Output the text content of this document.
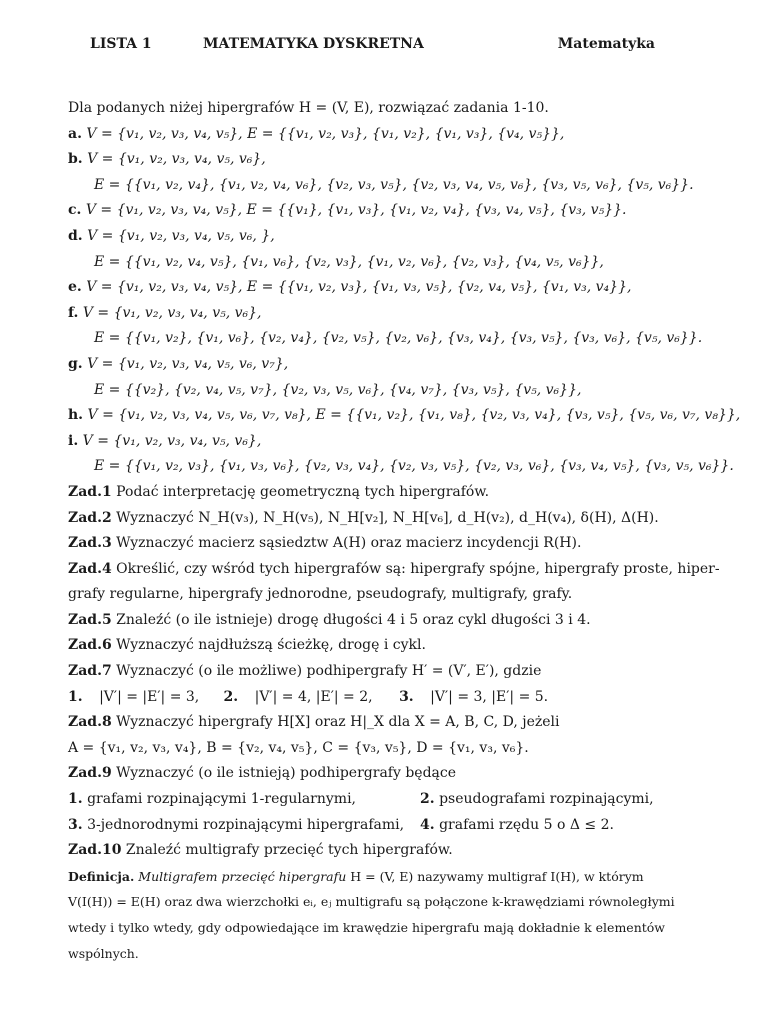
LISTA 1	MATEMATYKA DYSKRETNA	Matematyka
Dla podanych niżej hipergrafów H = (V, E), rozwiązać zadania 1-10.
a. V = {v₁, v₂, v₃, v₄, v₅}, E = {{v₁, v₂, v₃}, {v₁, v₂}, {v₁, v₃}, {v₄, v₅}},
b. V = {v₁, v₂, v₃, v₄, v₅, v₆},
E = {{v₁, v₂, v₄}, {v₁, v₂, v₄, v₆}, {v₂, v₃, v₅}, {v₂, v₃, v₄, v₅, v₆}, {v₃, v₅, v₆}, {v₅, v₆}}.
c. V = {v₁, v₂, v₃, v₄, v₅}, E = {{v₁}, {v₁, v₃}, {v₁, v₂, v₄}, {v₃, v₄, v₅}, {v₃, v₅}}.
d. V = {v₁, v₂, v₃, v₄, v₅, v₆, },
E = {{v₁, v₂, v₄, v₅}, {v₁, v₆}, {v₂, v₃}, {v₁, v₂, v₆}, {v₂, v₃}, {v₄, v₅, v₆}},
e. V = {v₁, v₂, v₃, v₄, v₅}, E = {{v₁, v₂, v₃}, {v₁, v₃, v₅}, {v₂, v₄, v₅}, {v₁, v₃, v₄}},
f. V = {v₁, v₂, v₃, v₄, v₅, v₆},
E = {{v₁, v₂}, {v₁, v₆}, {v₂, v₄}, {v₂, v₅}, {v₂, v₆}, {v₃, v₄}, {v₃, v₅}, {v₃, v₆}, {v₅, v₆}}.
g. V = {v₁, v₂, v₃, v₄, v₅, v₆, v₇},
E = {{v₂}, {v₂, v₄, v₅, v₇}, {v₂, v₃, v₅, v₆}, {v₄, v₇}, {v₃, v₅}, {v₅, v₆}},
h. V = {v₁, v₂, v₃, v₄, v₅, v₆, v₇, v₈}, E = {{v₁, v₂}, {v₁, v₈}, {v₂, v₃, v₄}, {v₃, v₅}, {v₅, v₆, v₇, v₈}},
i. V = {v₁, v₂, v₃, v₄, v₅, v₆},
E = {{v₁, v₂, v₃}, {v₁, v₃, v₆}, {v₂, v₃, v₄}, {v₂, v₃, v₅}, {v₂, v₃, v₆}, {v₃, v₄, v₅}, {v₃, v₅, v₆}}.
Zad.1 Podać interpretację geometryczną tych hipergrafów.
Zad.2 Wyznaczyć N_H(v₃), N_H(v₅), N_H[v₂], N_H[v₆], d_H(v₂), d_H(v₄), δ(H), Δ(H).
Zad.3 Wyznaczyć macierz sąsiedztw A(H) oraz macierz incydencji R(H).
Zad.4 Określić, czy wśród tych hipergrafów są: hipergrafy spójne, hipergrafy proste, hiper-
grafy regularne, hipergrafy jednorodne, pseudografy, multigrafy, grafy.
Zad.5 Znaleźć (o ile istnieje) drogę długości 4 i 5 oraz cykl długości 3 i 4.
Zad.6 Wyznaczyć najdłuższą ścieżkę, drogę i cykl.
Zad.7 Wyznaczyć (o ile możliwe) podhipergrafy H′ = (V′, E′), gdzie
1. |V′| = |E′| = 3, 2. |V′| = 4, |E′| = 2, 3. |V′| = 3, |E′| = 5.
Zad.8 Wyznaczyć hipergrafy H[X] oraz H|_X dla X = A, B, C, D, jeżeli
A = {v₁, v₂, v₃, v₄}, B = {v₂, v₄, v₅}, C = {v₃, v₅}, D = {v₁, v₃, v₆}.
Zad.9 Wyznaczyć (o ile istnieją) podhipergrafy będące
1. grafami rozpinającymi 1-regularnymi,	2. pseudografami rozpinającymi,
3. 3-jednorodnymi rozpinającymi hipergrafami, 4. grafami rzędu 5 o Δ ≤ 2.
Zad.10 Znaleźć multigrafy przecięć tych hipergrafów.
Definicja. Multigrafem przecięć hipergrafu H = (V, E) nazywamy multigraf I(H), w którym
V(I(H)) = E(H) oraz dwa wierzchołki eᵢ, eⱼ multigrafu są połączone k-krawędziami równoległymi
wtedy i tylko wtedy, gdy odpowiedające im krawędzie hipergrafu mają dokładnie k elementów
wspólnych.
